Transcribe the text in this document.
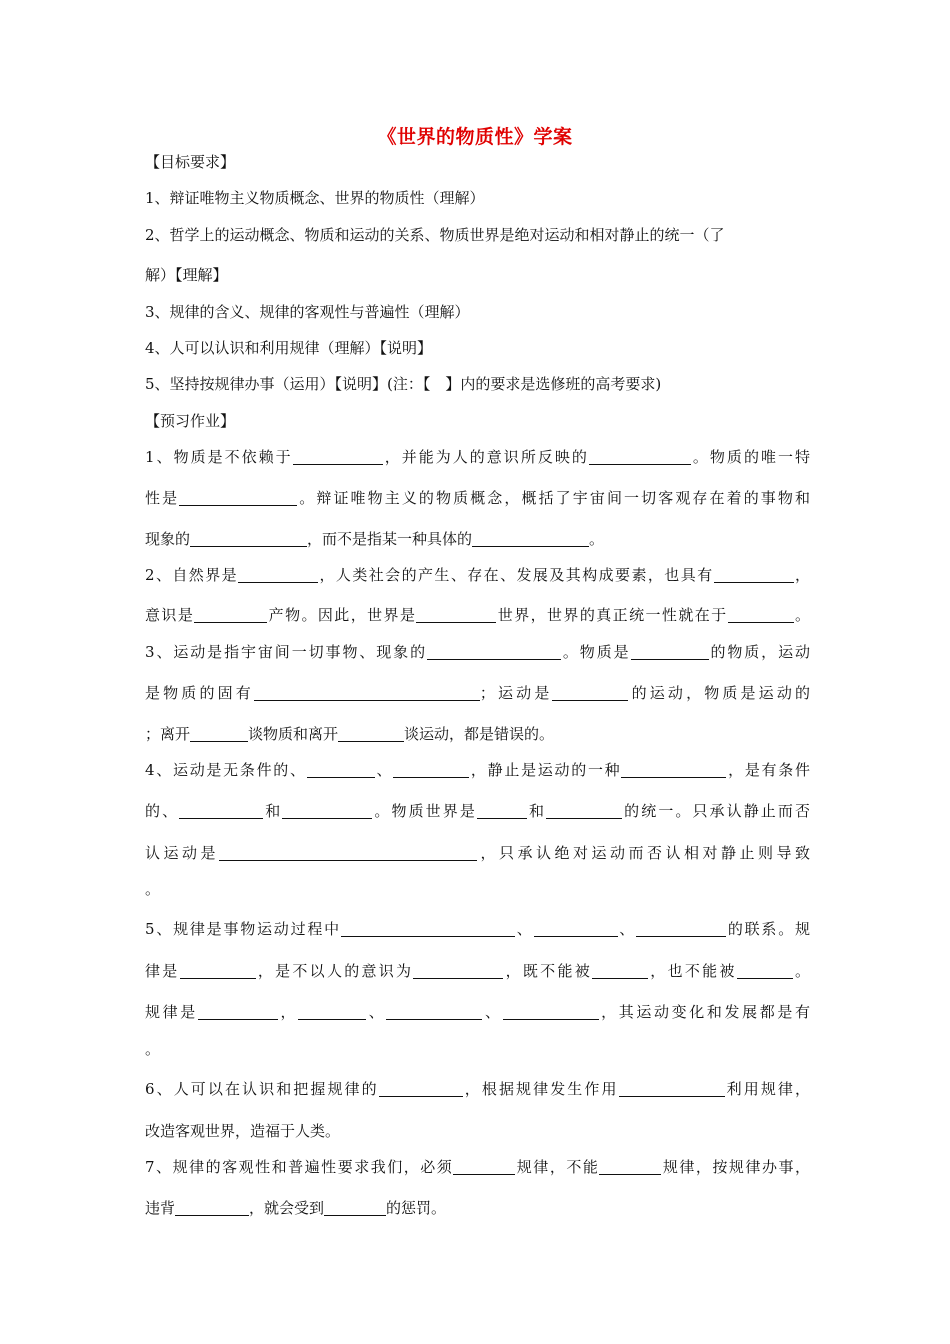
《世界的物质性》学案
【目标要求】
1、辩证唯物主义物质概念、世界的物质性（理解）
2、哲学上的运动概念、物质和运动的关系、物质世界是绝对运动和相对静止的统一（了
解）【理解】
3、规律的含义、规律的客观性与普遍性（理解）
4、人可以认识和利用规律（理解）【说明】
5、坚持按规律办事（运用）【说明】(注：【　】内的要求是选修班的高考要求)
【预习作业】
1、物质是不依赖于	，并能为人的意识所反映的	。物质的唯一特
性是	。辩证唯物主义的物质概念，概括了宇宙间一切客观存在着的事物和
现象的	，而不是指某一种具体的	。
2、自然界是	，人类社会的产生、存在、发展及其构成要素，也具有	，
意识是	产物。因此，世界是	世界，世界的真正统一性就在于	。
3、运动是指宇宙间一切事物、现象的	。物质是	的物质，运动
是物质的固有	；运动是	的运动，物质是运动的
；离开	谈物质和离开	谈运动，都是错误的。
4、运动是无条件的、	、	，静止是运动的一种	，是有条件
的、	和	。物质世界是	和	的统一。只承认静止而否
认运动是	，只承认绝对运动而否认相对静止则导致
。
5、规律是事物运动过程中	、	、	的联系。规
律是	，是不以人的意识为	，既不能被	，也不能被	。
规律是	，	、	、	，其运动变化和发展都是有
。
6、人可以在认识和把握规律的	，根据规律发生作用	利用规律，
改造客观世界，造福于人类。
7、规律的客观性和普遍性要求我们，必须	规律，不能	规律，按规律办事，
违背	，就会受到	的惩罚。
